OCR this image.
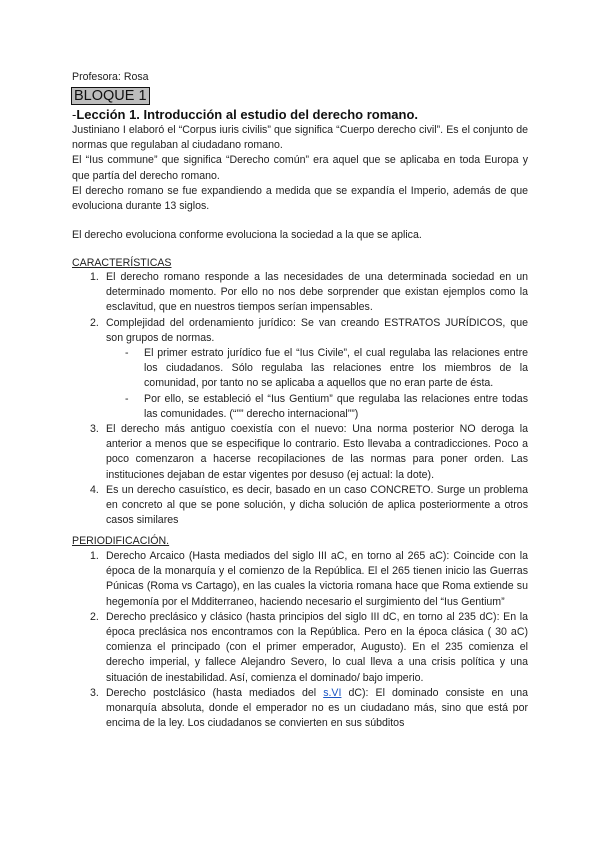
Profesora: Rosa

BLOQUE 1

-Lección 1. Introducción al estudio del derecho romano.

Justiniano I elaboró el “Corpus iuris civilis” que significa “Cuerpo derecho civil”. Es el conjunto de normas que regulaban al ciudadano romano.

El “Ius commune” que significa “Derecho común” era aquel que se aplicaba en toda Europa y que partía del derecho romano.

El derecho romano se fue expandiendo a medida que se expandía el Imperio, además de que evoluciona durante 13 siglos.

El derecho evoluciona conforme evoluciona la sociedad a la que se aplica.

CARACTERÍSTICAS

1. El derecho romano responde a las necesidades de una determinada sociedad en un determinado momento. Por ello no nos debe sorprender que existan ejemplos como la esclavitud, que en nuestros tiempos serían impensables.
2. Complejidad del ordenamiento jurídico: Se van creando ESTRATOS JURÍDICOS, que son grupos de normas.
- El primer estrato jurídico fue el “Ius Civile”, el cual regulaba las relaciones entre los ciudadanos. Sólo regulaba las relaciones entre los miembros de la comunidad, por tanto no se aplicaba a aquellos que no eran parte de ésta.
- Por ello, se estableció el “Ius Gentium” que regulaba las relaciones entre todas las comunidades. (“”” derecho internacional””)
3. El derecho más antiguo coexistía con el nuevo: Una norma posterior NO deroga la anterior a menos que se especifique lo contrario. Esto llevaba a contradicciones. Poco a poco comenzaron a hacerse recopilaciones de las normas para poner orden. Las instituciones dejaban de estar vigentes por desuso (ej actual: la dote).
4. Es un derecho casuístico, es decir, basado en un caso CONCRETO. Surge un problema en concreto al que se pone solución, y dicha solución de aplica posteriormente a otros casos similares

PERIODIFICACIÓN.

1. Derecho Arcaico (Hasta mediados del siglo III aC, en torno al 265 aC): Coincide con la época de la monarquía y el comienzo de la República. El el 265 tienen inicio las Guerras Púnicas (Roma vs Cartago), en las cuales la victoria romana hace que Roma extiende su hegemonía por el Mdditerraneo, haciendo necesario el surgimiento del “Ius Gentium”
2. Derecho preclásico y clásico (hasta principios del siglo III dC, en torno al 235 dC): En la época preclásica nos encontramos con la República. Pero en la época clásica ( 30 aC) comienza el principado (con el primer emperador, Augusto). En el 235 comienza el derecho imperial, y fallece Alejandro Severo, lo cual lleva a una crisis política y una situación de inestabilidad. Así, comienza el dominado/ bajo imperio.
3. Derecho postclásico (hasta mediados del s.VI dC): El dominado consiste en una monarquía absoluta, donde el emperador no es un ciudadano más, sino que está por encima de la ley. Los ciudadanos se convierten en sus súbditos
